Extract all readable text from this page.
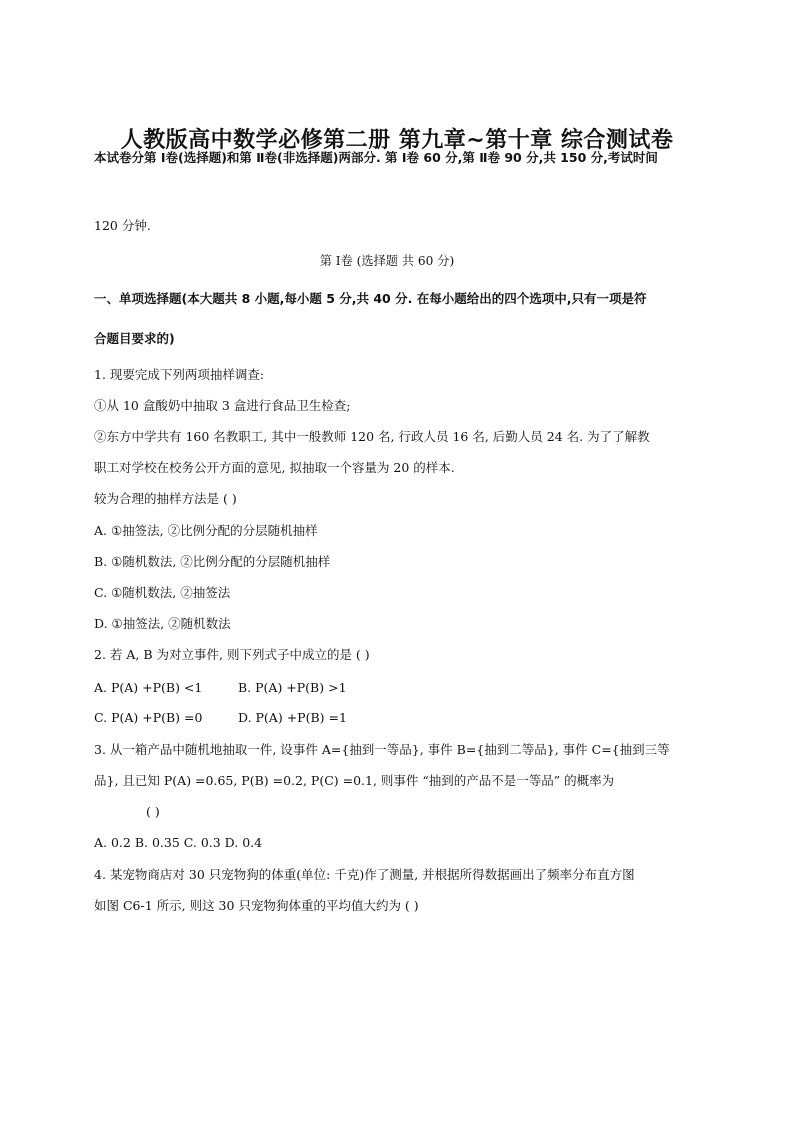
人教版高中数学必修第二册 第九章~第十章 综合测试卷
本试卷分第 Ⅰ卷(选择题)和第 Ⅱ卷(非选择题)两部分. 第 Ⅰ卷 60 分,第 Ⅱ卷 90 分,共 150 分,考试时间
120 分钟.
第 Ⅰ卷 (选择题 共 60 分)
一、单项选择题(本大题共 8 小题,每小题 5 分,共 40 分. 在每小题给出的四个选项中,只有一项是符
合题目要求的)
1. 现要完成下列两项抽样调查:
①从 10 盒酸奶中抽取 3 盒进行食品卫生检查;
②东方中学共有 160 名教职工, 其中一般教师 120 名, 行政人员 16 名, 后勤人员 24 名. 为了了解教
职工对学校在校务公开方面的意见, 拟抽取一个容量为 20 的样本.
较为合理的抽样方法是 ( )
A. ①抽签法, ②比例分配的分层随机抽样
B. ①随机数法, ②比例分配的分层随机抽样
C. ①随机数法, ②抽签法
D. ①抽签法, ②随机数法
2. 若 A, B 为对立事件, 则下列式子中成立的是 ( )
A. P(A) +P(B) <1	B. P(A) +P(B) >1
C. P(A) +P(B) =0	D. P(A) +P(B) =1
3. 从一箱产品中随机地抽取一件, 设事件 A={抽到一等品}, 事件 B={抽到二等品}, 事件 C={抽到三等
品}, 且已知 P(A) =0.65, P(B) =0.2, P(C) =0.1, 则事件 “抽到的产品不是一等品” 的概率为
( )
A. 0.2 B. 0.35 C. 0.3 D. 0.4
4. 某宠物商店对 30 只宠物狗的体重(单位: 千克)作了测量, 并根据所得数据画出了频率分布直方图
如图 C6-1 所示, 则这 30 只宠物狗体重的平均值大约为 ( )
